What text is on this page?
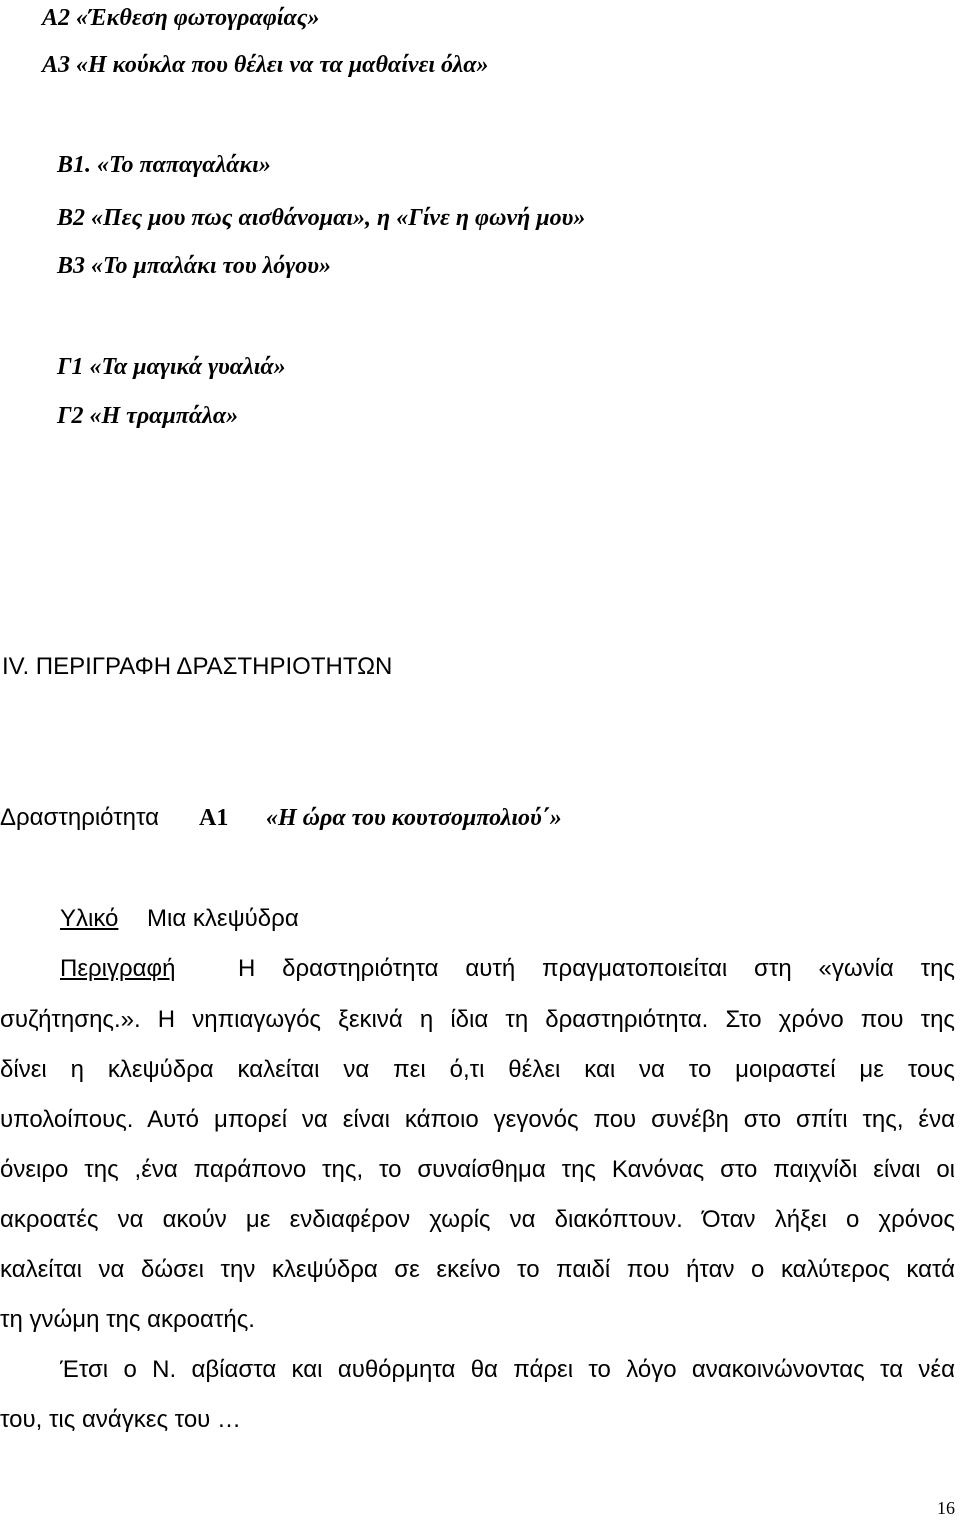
Α2 «Έκθεση φωτογραφίας»
Α3 «Η κούκλα που θέλει να τα μαθαίνει όλα»
Β1. «Το παπαγαλάκι»
Β2 «Πες μου πως αισθάνομαι», η «Γίνε η φωνή μου»
Β3 «Το μπαλάκι του λόγου»
Γ1 «Τα μαγικά γυαλιά»
Γ2 «Η τραμπάλα»
IV. ΠΕΡΙΓΡΑΦΗ ΔΡΑΣΤΗΡΙΟΤΗΤΩΝ
Δραστηριότητα Α1 «Η ώρα του κουτσομπολιού΄»
Υλικό	Μια κλεψύδρα
Περιγραφή	Η δραστηριότητα αυτή πραγματοποιείται στη «γωνία της
συζήτησης.». Η νηπιαγωγός ξεκινά η ίδια τη δραστηριότητα. Στο χρόνο που της
δίνει η κλεψύδρα καλείται να πει ό,τι θέλει και να το μοιραστεί με τους
υπολοίπους. Αυτό μπορεί να είναι κάποιο γεγονός που συνέβη στο σπίτι της, ένα
όνειρο της ,ένα παράπονο της, το συναίσθημα της Κανόνας στο παιχνίδι είναι οι
ακροατές να ακούν με ενδιαφέρον χωρίς να διακόπτουν. Όταν λήξει ο χρόνος
καλείται να δώσει την κλεψύδρα σε εκείνο το παιδί που ήταν ο καλύτερος κατά
τη γνώμη της ακροατής.
Έτσι ο Ν. αβίαστα και αυθόρμητα θα πάρει το λόγο ανακοινώνοντας τα νέα
του, τις ανάγκες του …
16
